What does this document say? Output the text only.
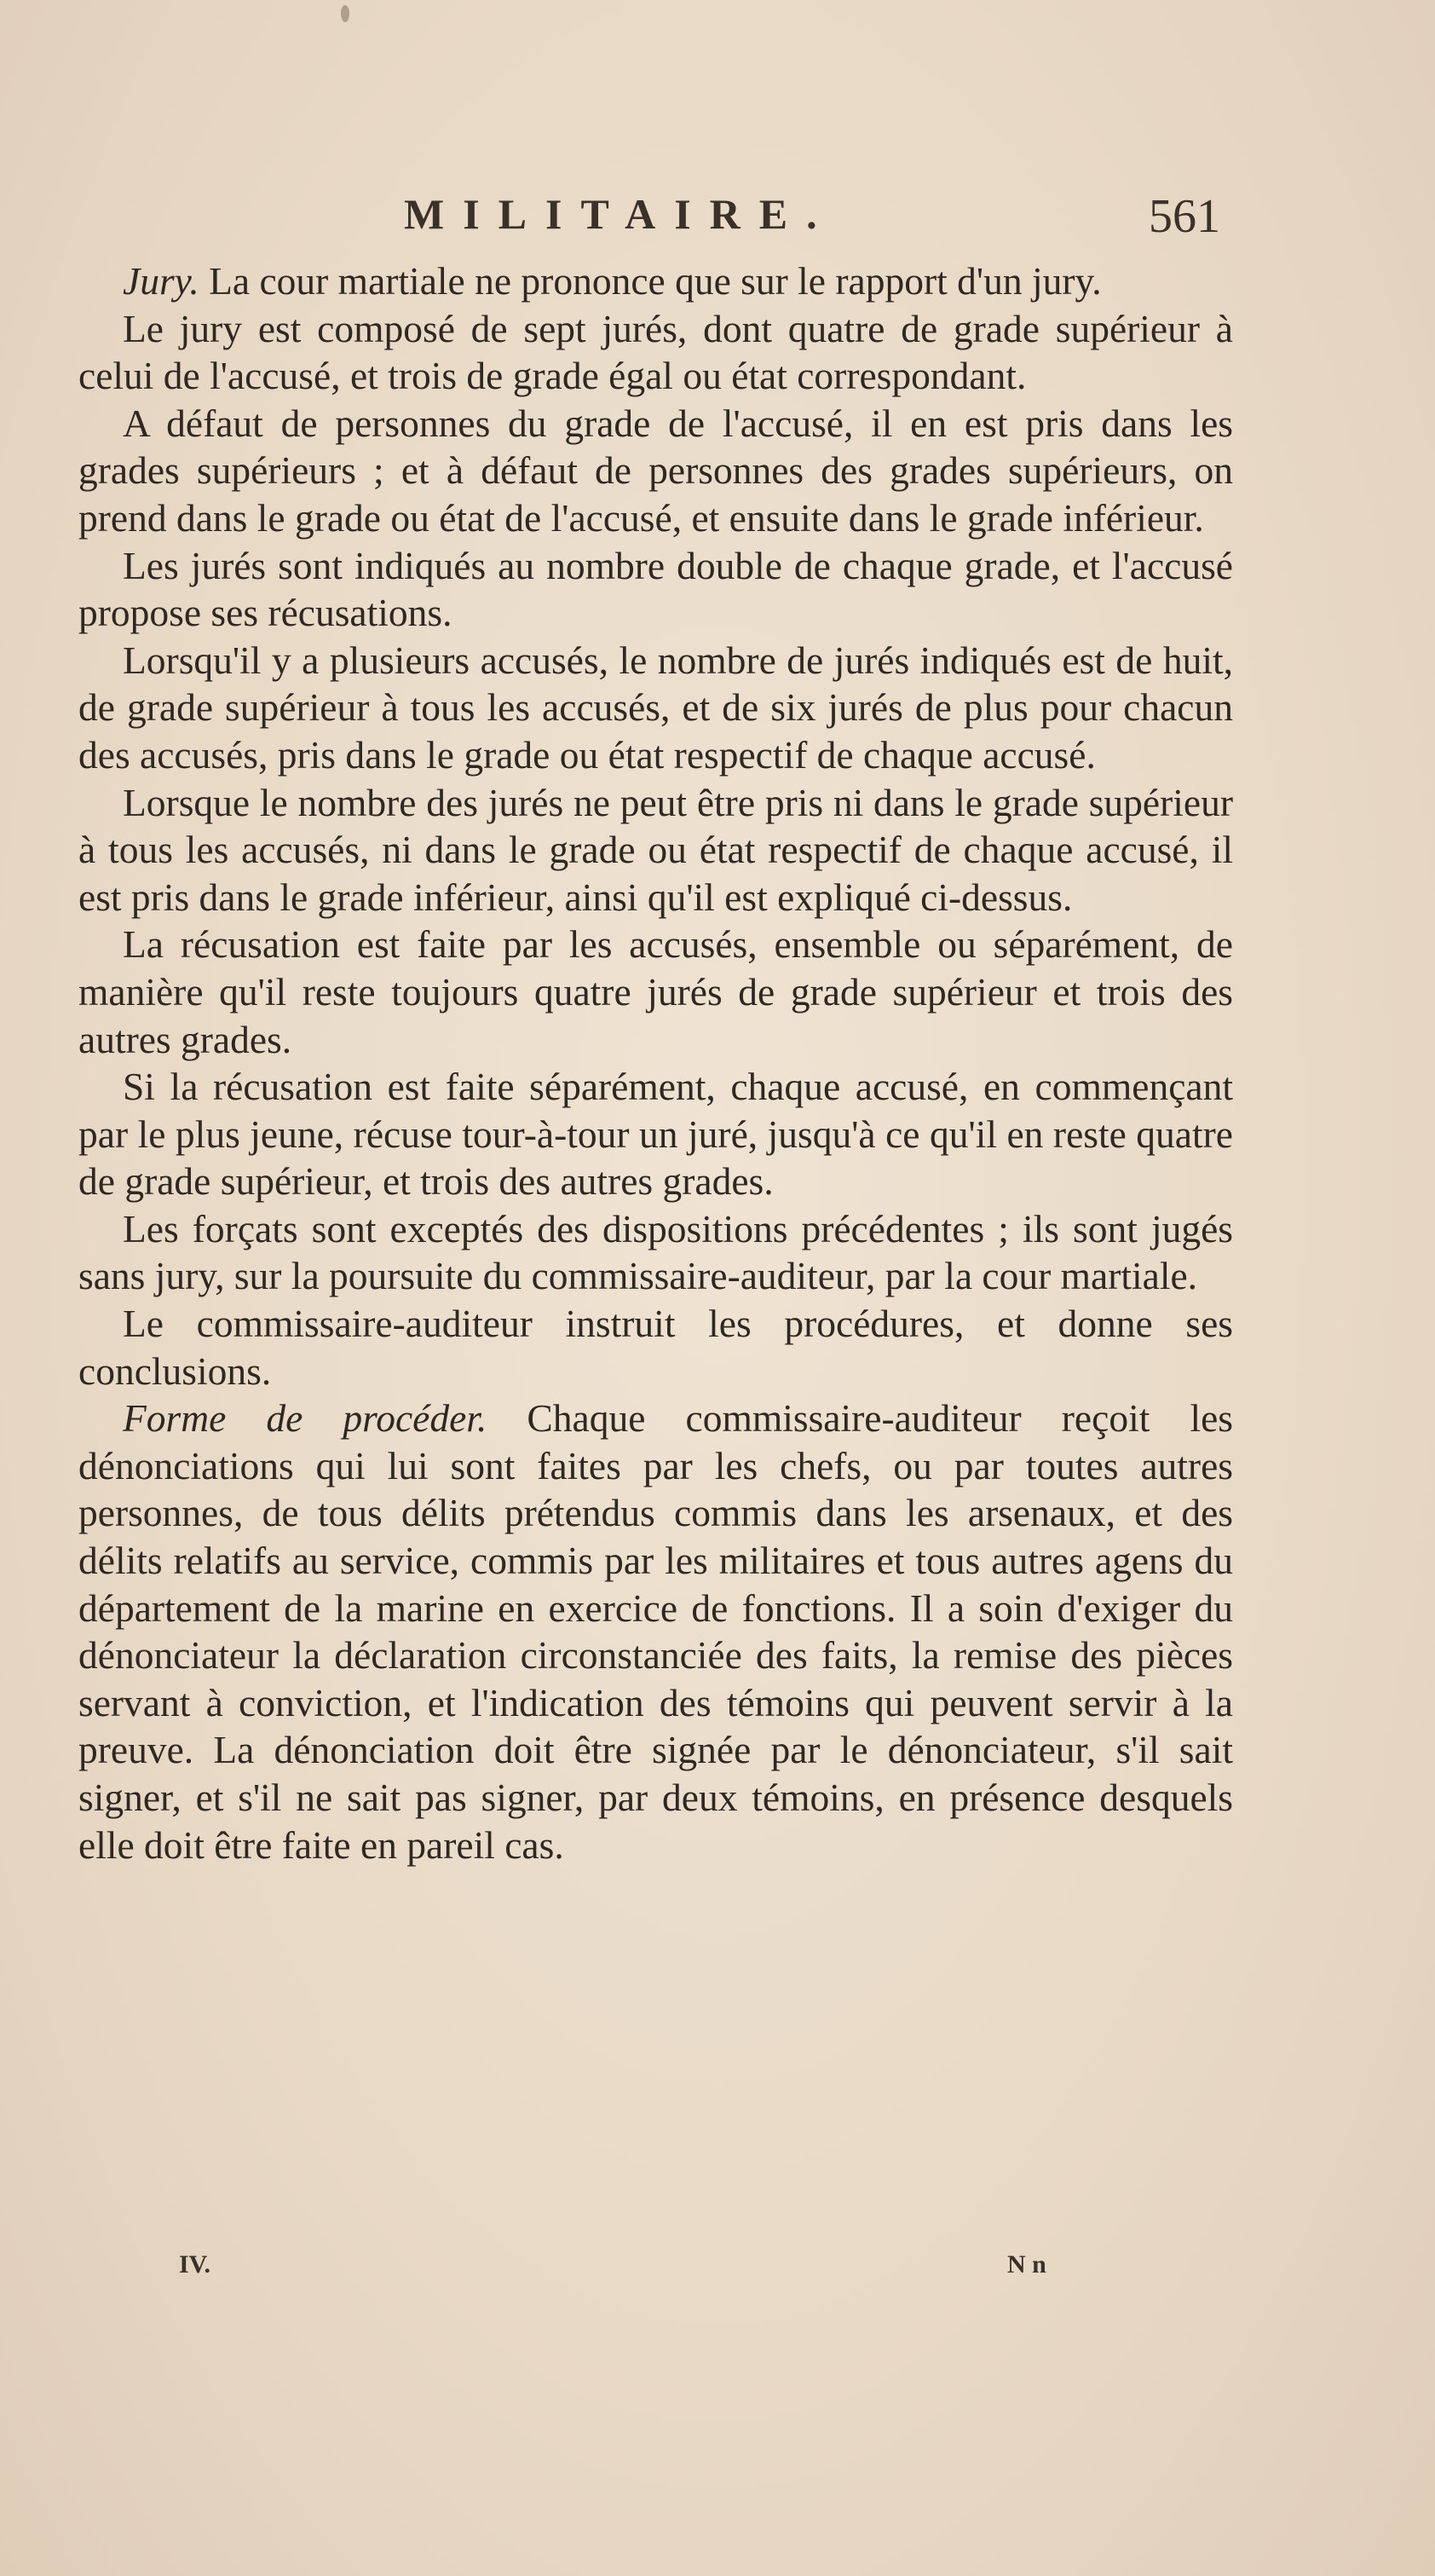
MILITAIRE.	561

Jury. La cour martiale ne prononce que sur le rapport d'un jury.

Le jury est composé de sept jurés, dont quatre de grade supérieur à celui de l'accusé, et trois de grade égal ou état correspondant.

A défaut de personnes du grade de l'accusé, il en est pris dans les grades supérieurs ; et à défaut de personnes des grades supérieurs, on prend dans le grade ou état de l'accusé, et ensuite dans le grade inférieur.

Les jurés sont indiqués au nombre double de chaque grade, et l'accusé propose ses récusations.

Lorsqu'il y a plusieurs accusés, le nombre de jurés indiqués est de huit, de grade supérieur à tous les accusés, et de six jurés de plus pour chacun des accusés, pris dans le grade ou état respectif de chaque accusé.

Lorsque le nombre des jurés ne peut être pris ni dans le grade supérieur à tous les accusés, ni dans le grade ou état respectif de chaque accusé, il est pris dans le grade inférieur, ainsi qu'il est expliqué ci-dessus.

La récusation est faite par les accusés, ensemble ou séparément, de manière qu'il reste toujours quatre jurés de grade supérieur et trois des autres grades.

Si la récusation est faite séparément, chaque accusé, en commençant par le plus jeune, récuse tour-à-tour un juré, jusqu'à ce qu'il en reste quatre de grade supérieur, et trois des autres grades.

Les forçats sont exceptés des dispositions précédentes ; ils sont jugés sans jury, sur la poursuite du commissaire-auditeur, par la cour martiale.

Le commissaire-auditeur instruit les procédures, et donne ses conclusions.

Forme de procéder. Chaque commissaire-auditeur reçoit les dénonciations qui lui sont faites par les chefs, ou par toutes autres personnes, de tous délits prétendus commis dans les arsenaux, et des délits relatifs au service, commis par les militaires et tous autres agens du département de la marine en exercice de fonctions. Il a soin d'exiger du dénonciateur la déclaration circonstanciée des faits, la remise des pièces servant à conviction, et l'indication des témoins qui peuvent servir à la preuve. La dénonciation doit être signée par le dénonciateur, s'il sait signer, et s'il ne sait pas signer, par deux témoins, en présence desquels elle doit être faite en pareil cas.

IV.	N n
